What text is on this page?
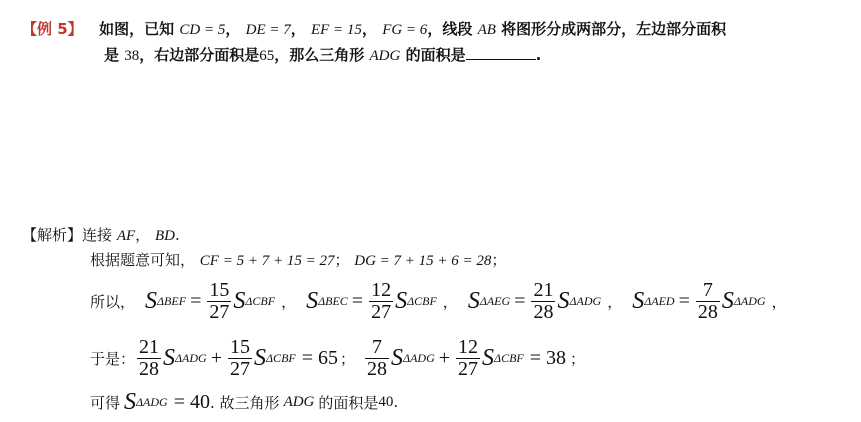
【例 5】 如图，已知 CD = 5， DE = 7， EF = 15， FG = 6，线段 AB 将图形分成两部分，左边部分面积
是 38，右边部分面积是65，那么三角形 ADG 的面积是	.
【解析】连接 AF， BD.
根据题意可知， CF = 5 + 7 + 15 = 27； DG = 7 + 15 + 6 = 28；
所以， S $\Delta BEF = \frac{15}{27}$ S ΔCBF ， S $\Delta BEC = \frac{12}{27}$ S ΔCBF ， S $\Delta AEG = \frac{21}{28}$ S ΔADG ， S $\Delta AED = \frac{7}{28}$ S ΔADG ，
于是： $\frac{21}{28}$ S $\Delta ADG + \frac{15}{27}$ S ΔCBF = 65 ； $\frac{7}{28}$ S $\Delta ADG + \frac{12}{27}$ S ΔCBF = 38 ；
可得 S ΔADG = 40 . 故三角形 ADG 的面积是 40 .
